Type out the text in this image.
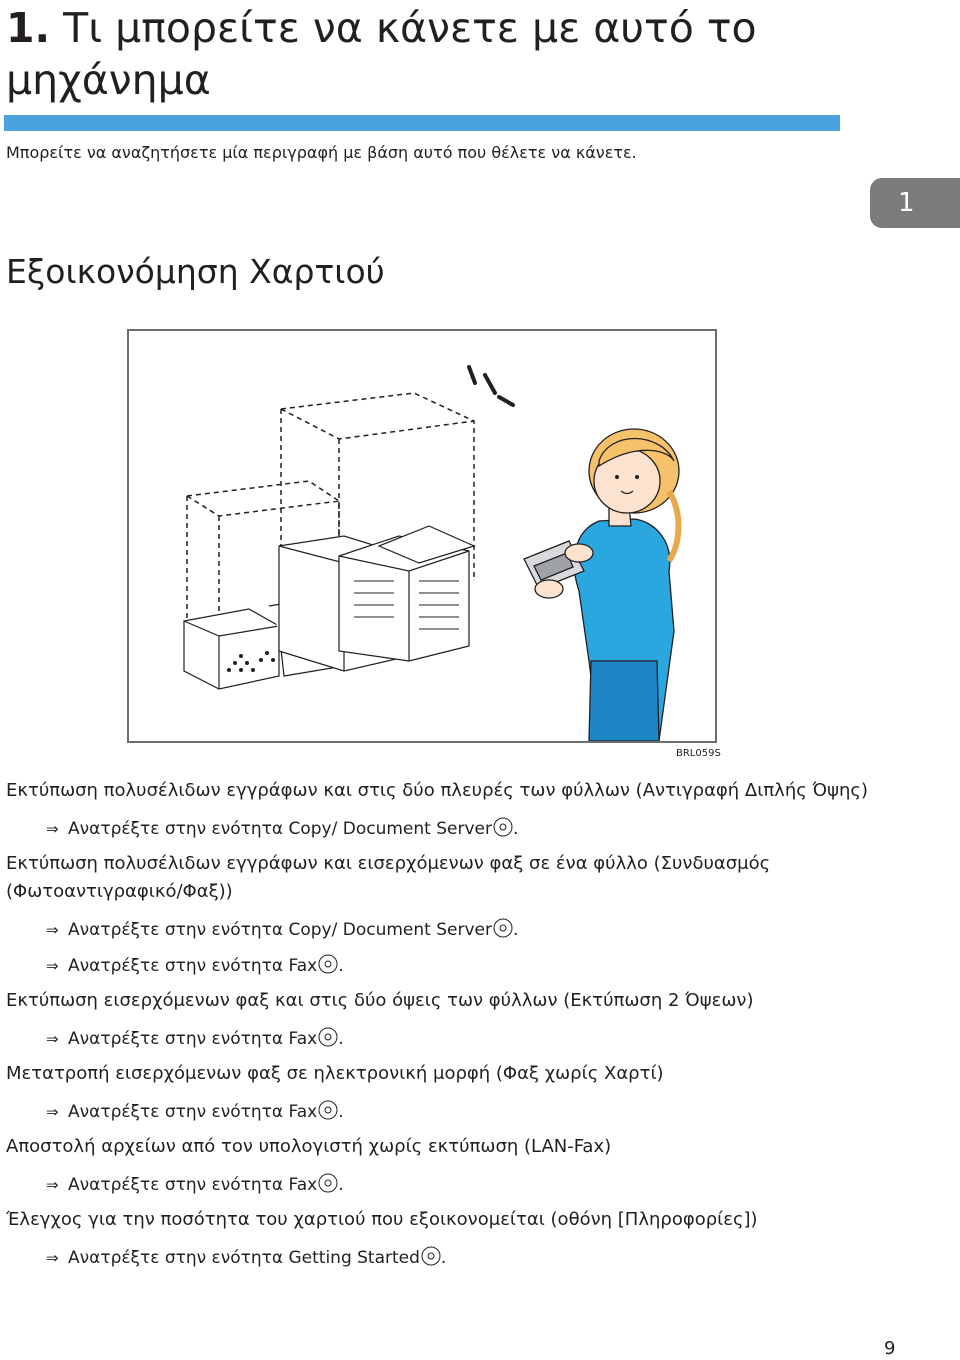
1. Τι μπορείτε να κάνετε με αυτό το μηχάνημα
Μπορείτε να αναζητήσετε μία περιγραφή με βάση αυτό που θέλετε να κάνετε.
1
Εξοικονόμηση Χαρτιού
BRL059S
Εκτύπωση πολυσέλιδων εγγράφων και στις δύο πλευρές των φύλλων (Αντιγραφή Διπλής Όψης)
⇒ Ανατρέξτε στην ενότητα Copy/ Document Server .
Εκτύπωση πολυσέλιδων εγγράφων και εισερχόμενων φαξ σε ένα φύλλο (Συνδυασμός
(Φωτοαντιγραφικό/Φαξ))
⇒ Ανατρέξτε στην ενότητα Copy/ Document Server .
⇒ Ανατρέξτε στην ενότητα Fax .
Εκτύπωση εισερχόμενων φαξ και στις δύο όψεις των φύλλων (Εκτύπωση 2 Όψεων)
⇒ Ανατρέξτε στην ενότητα Fax .
Μετατροπή εισερχόμενων φαξ σε ηλεκτρονική μορφή (Φαξ χωρίς Χαρτί)
⇒ Ανατρέξτε στην ενότητα Fax .
Αποστολή αρχείων από τον υπολογιστή χωρίς εκτύπωση (LAN-Fax)
⇒ Ανατρέξτε στην ενότητα Fax .
Έλεγχος για την ποσότητα του χαρτιού που εξοικονομείται (οθόνη [Πληροφορίες])
⇒ Ανατρέξτε στην ενότητα Getting Started .
9
